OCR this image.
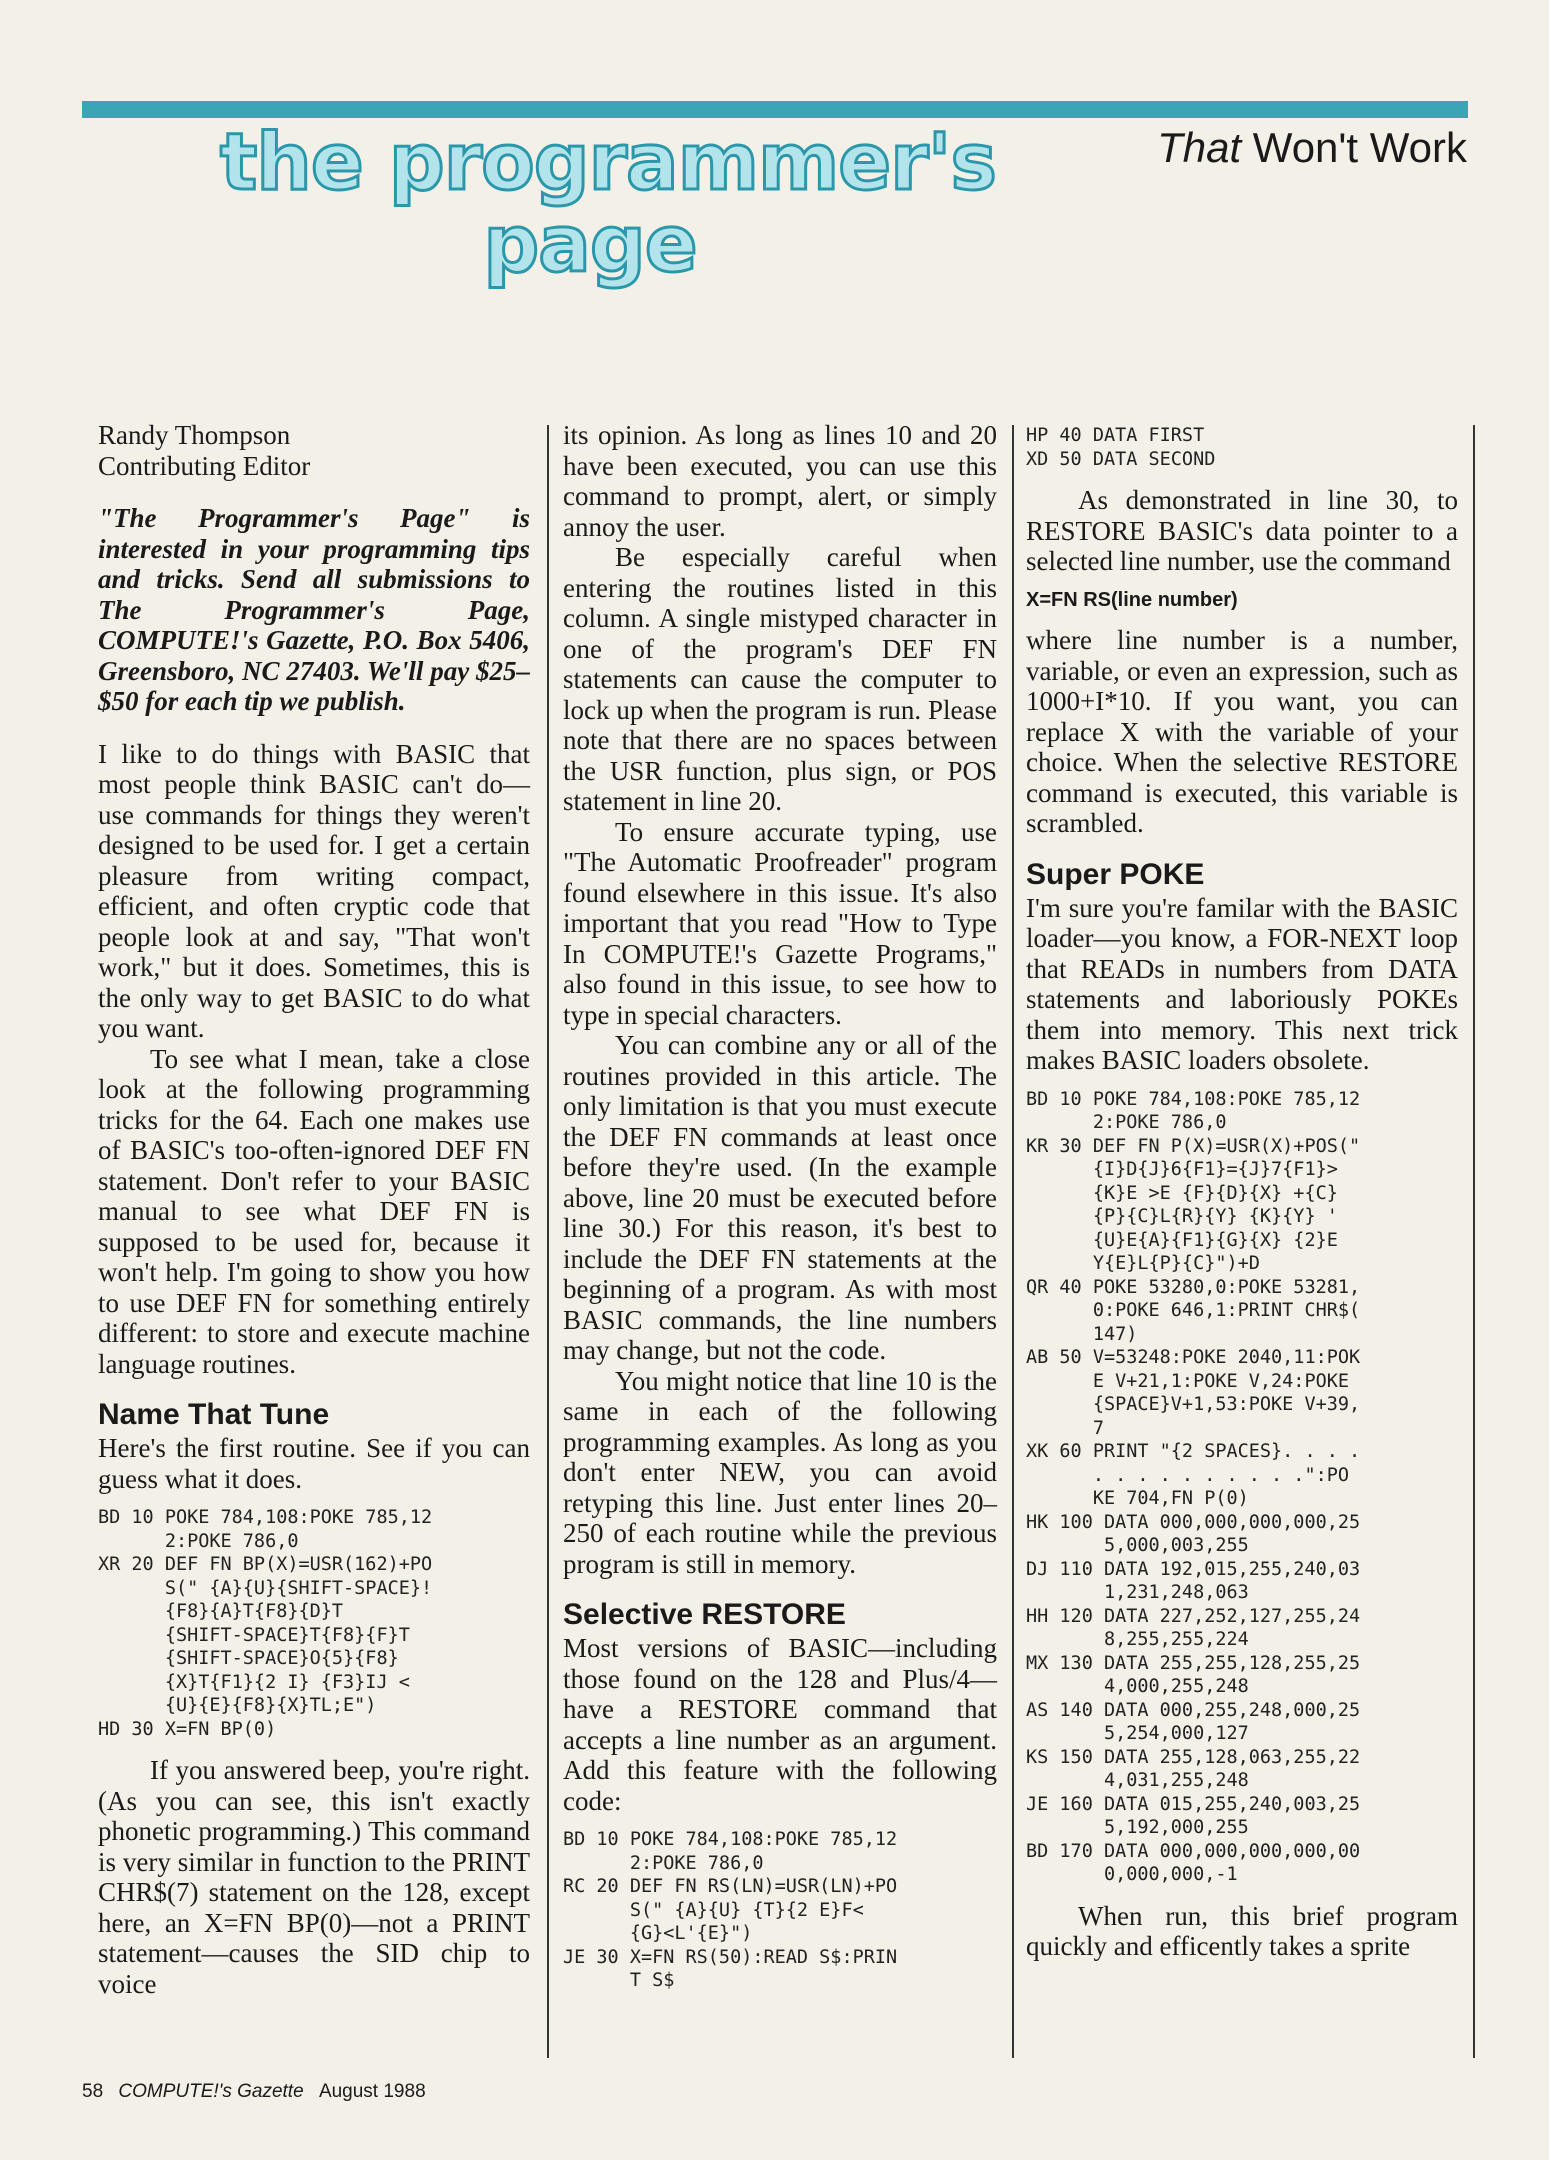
the programmer's
page
That Won't Work

Randy Thompson

Contributing Editor

"The Programmer's Page" is interested in your programming tips and tricks. Send all submissions to The Programmer's Page, COMPUTE!'s Gazette, P.O. Box 5406, Greensboro, NC 27403. We'll pay $25–$50 for each tip we publish.

I like to do things with BASIC that most people think BASIC can't do—use commands for things they weren't designed to be used for. I get a certain pleasure from writing compact, efficient, and often cryptic code that people look at and say, "That won't work," but it does. Sometimes, this is the only way to get BASIC to do what you want.

To see what I mean, take a close look at the following programming tricks for the 64. Each one makes use of BASIC's too-often-ignored DEF FN statement. Don't refer to your BASIC manual to see what DEF FN is supposed to be used for, because it won't help. I'm going to show you how to use DEF FN for something entirely different: to store and execute machine language routines.

Name That Tune

Here's the first routine. See if you can guess what it does.

BD 10 POKE 784,108:POKE 785,12
2:POKE 786,0
XR 20 DEF FN BP(X)=USR(162)+PO
S(" {A}{U}{SHIFT-SPACE}!
{F8}{A}T{F8}{D}T
{SHIFT-SPACE}T{F8}{F}T
{SHIFT-SPACE}O{5}{F8}
{X}T{F1}{2 I} {F3}IJ <
{U}{E}{F8}{X}TL;E")
HD 30 X=FN BP(0)

If you answered beep, you're right. (As you can see, this isn't exactly phonetic programming.) This command is very similar in function to the PRINT CHR$(7) statement on the 128, except here, an X=FN BP(0)—not a PRINT statement—causes the SID chip to voice

its opinion. As long as lines 10 and 20 have been executed, you can use this command to prompt, alert, or simply annoy the user.

Be especially careful when entering the routines listed in this column. A single mistyped character in one of the program's DEF FN statements can cause the computer to lock up when the program is run. Please note that there are no spaces between the USR function, plus sign, or POS statement in line 20.

To ensure accurate typing, use "The Automatic Proofreader" program found elsewhere in this issue. It's also important that you read "How to Type In COMPUTE!'s Gazette Programs," also found in this issue, to see how to type in special characters.

You can combine any or all of the routines provided in this article. The only limitation is that you must execute the DEF FN commands at least once before they're used. (In the example above, line 20 must be executed before line 30.) For this reason, it's best to include the DEF FN statements at the beginning of a program. As with most BASIC commands, the line numbers may change, but not the code.

You might notice that line 10 is the same in each of the following programming examples. As long as you don't enter NEW, you can avoid retyping this line. Just enter lines 20–250 of each routine while the previous program is still in memory.

Selective RESTORE

Most versions of BASIC—including those found on the 128 and Plus/4—have a RESTORE command that accepts a line number as an argument. Add this feature with the following code:

BD 10 POKE 784,108:POKE 785,12
2:POKE 786,0
RC 20 DEF FN RS(LN)=USR(LN)+PO
S(" {A}{U} {T}{2 E}F<
{G}<L'{E}")
JE 30 X=FN RS(50):READ S$:PRIN
T S$
HP 40 DATA FIRST
XD 50 DATA SECOND

As demonstrated in line 30, to RESTORE BASIC's data pointer to a selected line number, use the command

X=FN RS(line number)

where line number is a number, variable, or even an expression, such as 1000+I*10. If you want, you can replace X with the variable of your choice. When the selective RESTORE command is executed, this variable is scrambled.

Super POKE

I'm sure you're familar with the BASIC loader—you know, a FOR-NEXT loop that READs in numbers from DATA statements and laboriously POKEs them into memory. This next trick makes BASIC loaders obsolete.

BD 10 POKE 784,108:POKE 785,12
2:POKE 786,0
KR 30 DEF FN P(X)=USR(X)+POS("
{I}D{J}6{F1}={J}7{F1}>
{K}E >E {F}{D}{X} +{C}
{P}{C}L{R}{Y} {K}{Y} '
{U}E{A}{F1}{G}{X} {2}E
Y{E}L{P}{C}")+D
QR 40 POKE 53280,0:POKE 53281,
0:POKE 646,1:PRINT CHR$(
147)
AB 50 V=53248:POKE 2040,11:POK
E V+21,1:POKE V,24:POKE
{SPACE}V+1,53:POKE V+39,
7
XK 60 PRINT "{2 SPACES}. . . .
. . . . . . . . . .":PO
KE 704,FN P(0)
HK 100 DATA 000,000,000,000,25
5,000,003,255
DJ 110 DATA 192,015,255,240,03
1,231,248,063
HH 120 DATA 227,252,127,255,24
8,255,255,224
MX 130 DATA 255,255,128,255,25
4,000,255,248
AS 140 DATA 000,255,248,000,25
5,254,000,127
KS 150 DATA 255,128,063,255,22
4,031,255,248
JE 160 DATA 015,255,240,003,25
5,192,000,255
BD 170 DATA 000,000,000,000,00
0,000,000,-1

When run, this brief program quickly and efficently takes a sprite

58 COMPUTE!'s Gazette August 1988
